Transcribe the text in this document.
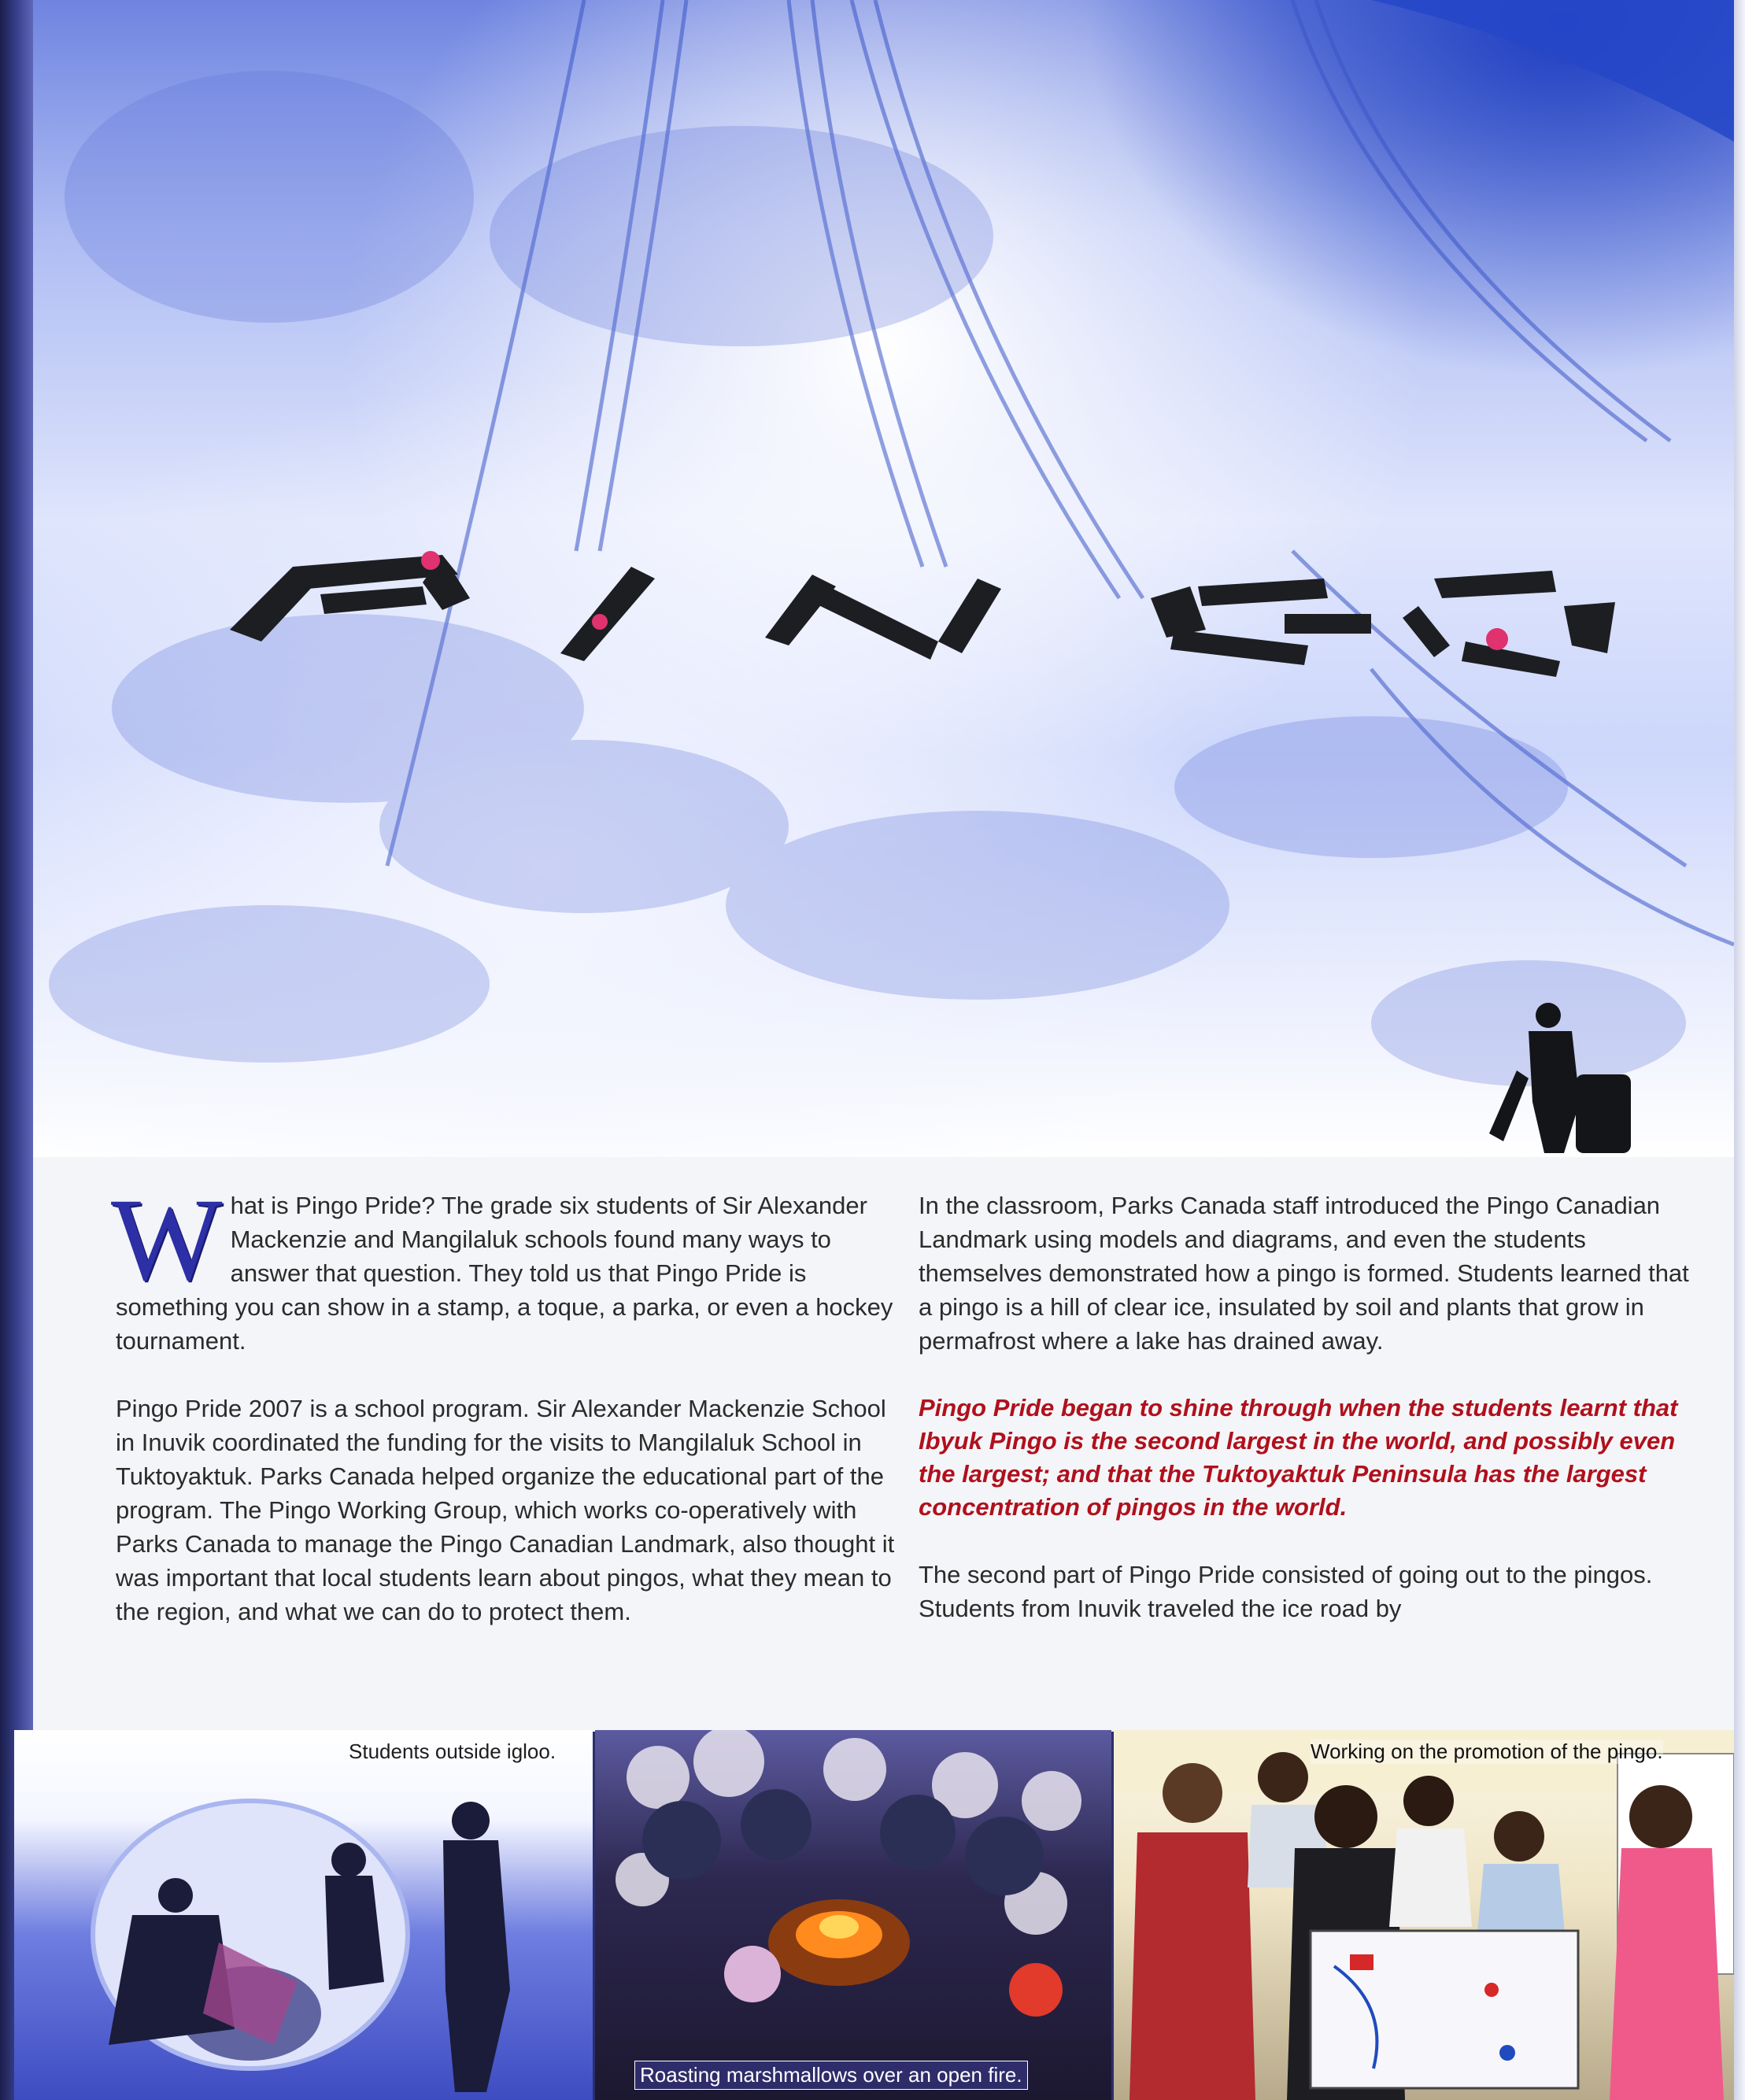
What is Pingo Pride? The grade six students of Sir Alexander Mackenzie and Mangilaluk schools found many ways to answer that question. They told us that Pingo Pride is something you can show in a stamp, a toque, a parka, or even a hockey tournament.

Pingo Pride 2007 is a school program. Sir Alexander Mackenzie School in Inuvik coordinated the funding for the visits to Mangilaluk School in Tuktoyaktuk. Parks Canada helped organize the educational part of the program. The Pingo Working Group, which works co-operatively with Parks Canada to manage the Pingo Canadian Landmark, also thought it was important that local students learn about pingos, what they mean to the region, and what we can do to protect them.

In the classroom, Parks Canada staff introduced the Pingo Canadian Landmark using models and diagrams, and even the students themselves demonstrated how a pingo is formed. Students learned that a pingo is a hill of clear ice, insulated by soil and plants that grow in permafrost where a lake has drained away.

Pingo Pride began to shine through when the students learnt that Ibyuk Pingo is the second largest in the world, and possibly even the largest; and that the Tuktoyaktuk Peninsula has the largest concentration of pingos in the world.

The second part of Pingo Pride consisted of going out to the pingos. Students from Inuvik traveled the ice road by

Students outside igloo.
Roasting marshmallows over an open fire.
Working on the promotion of the pingo.
